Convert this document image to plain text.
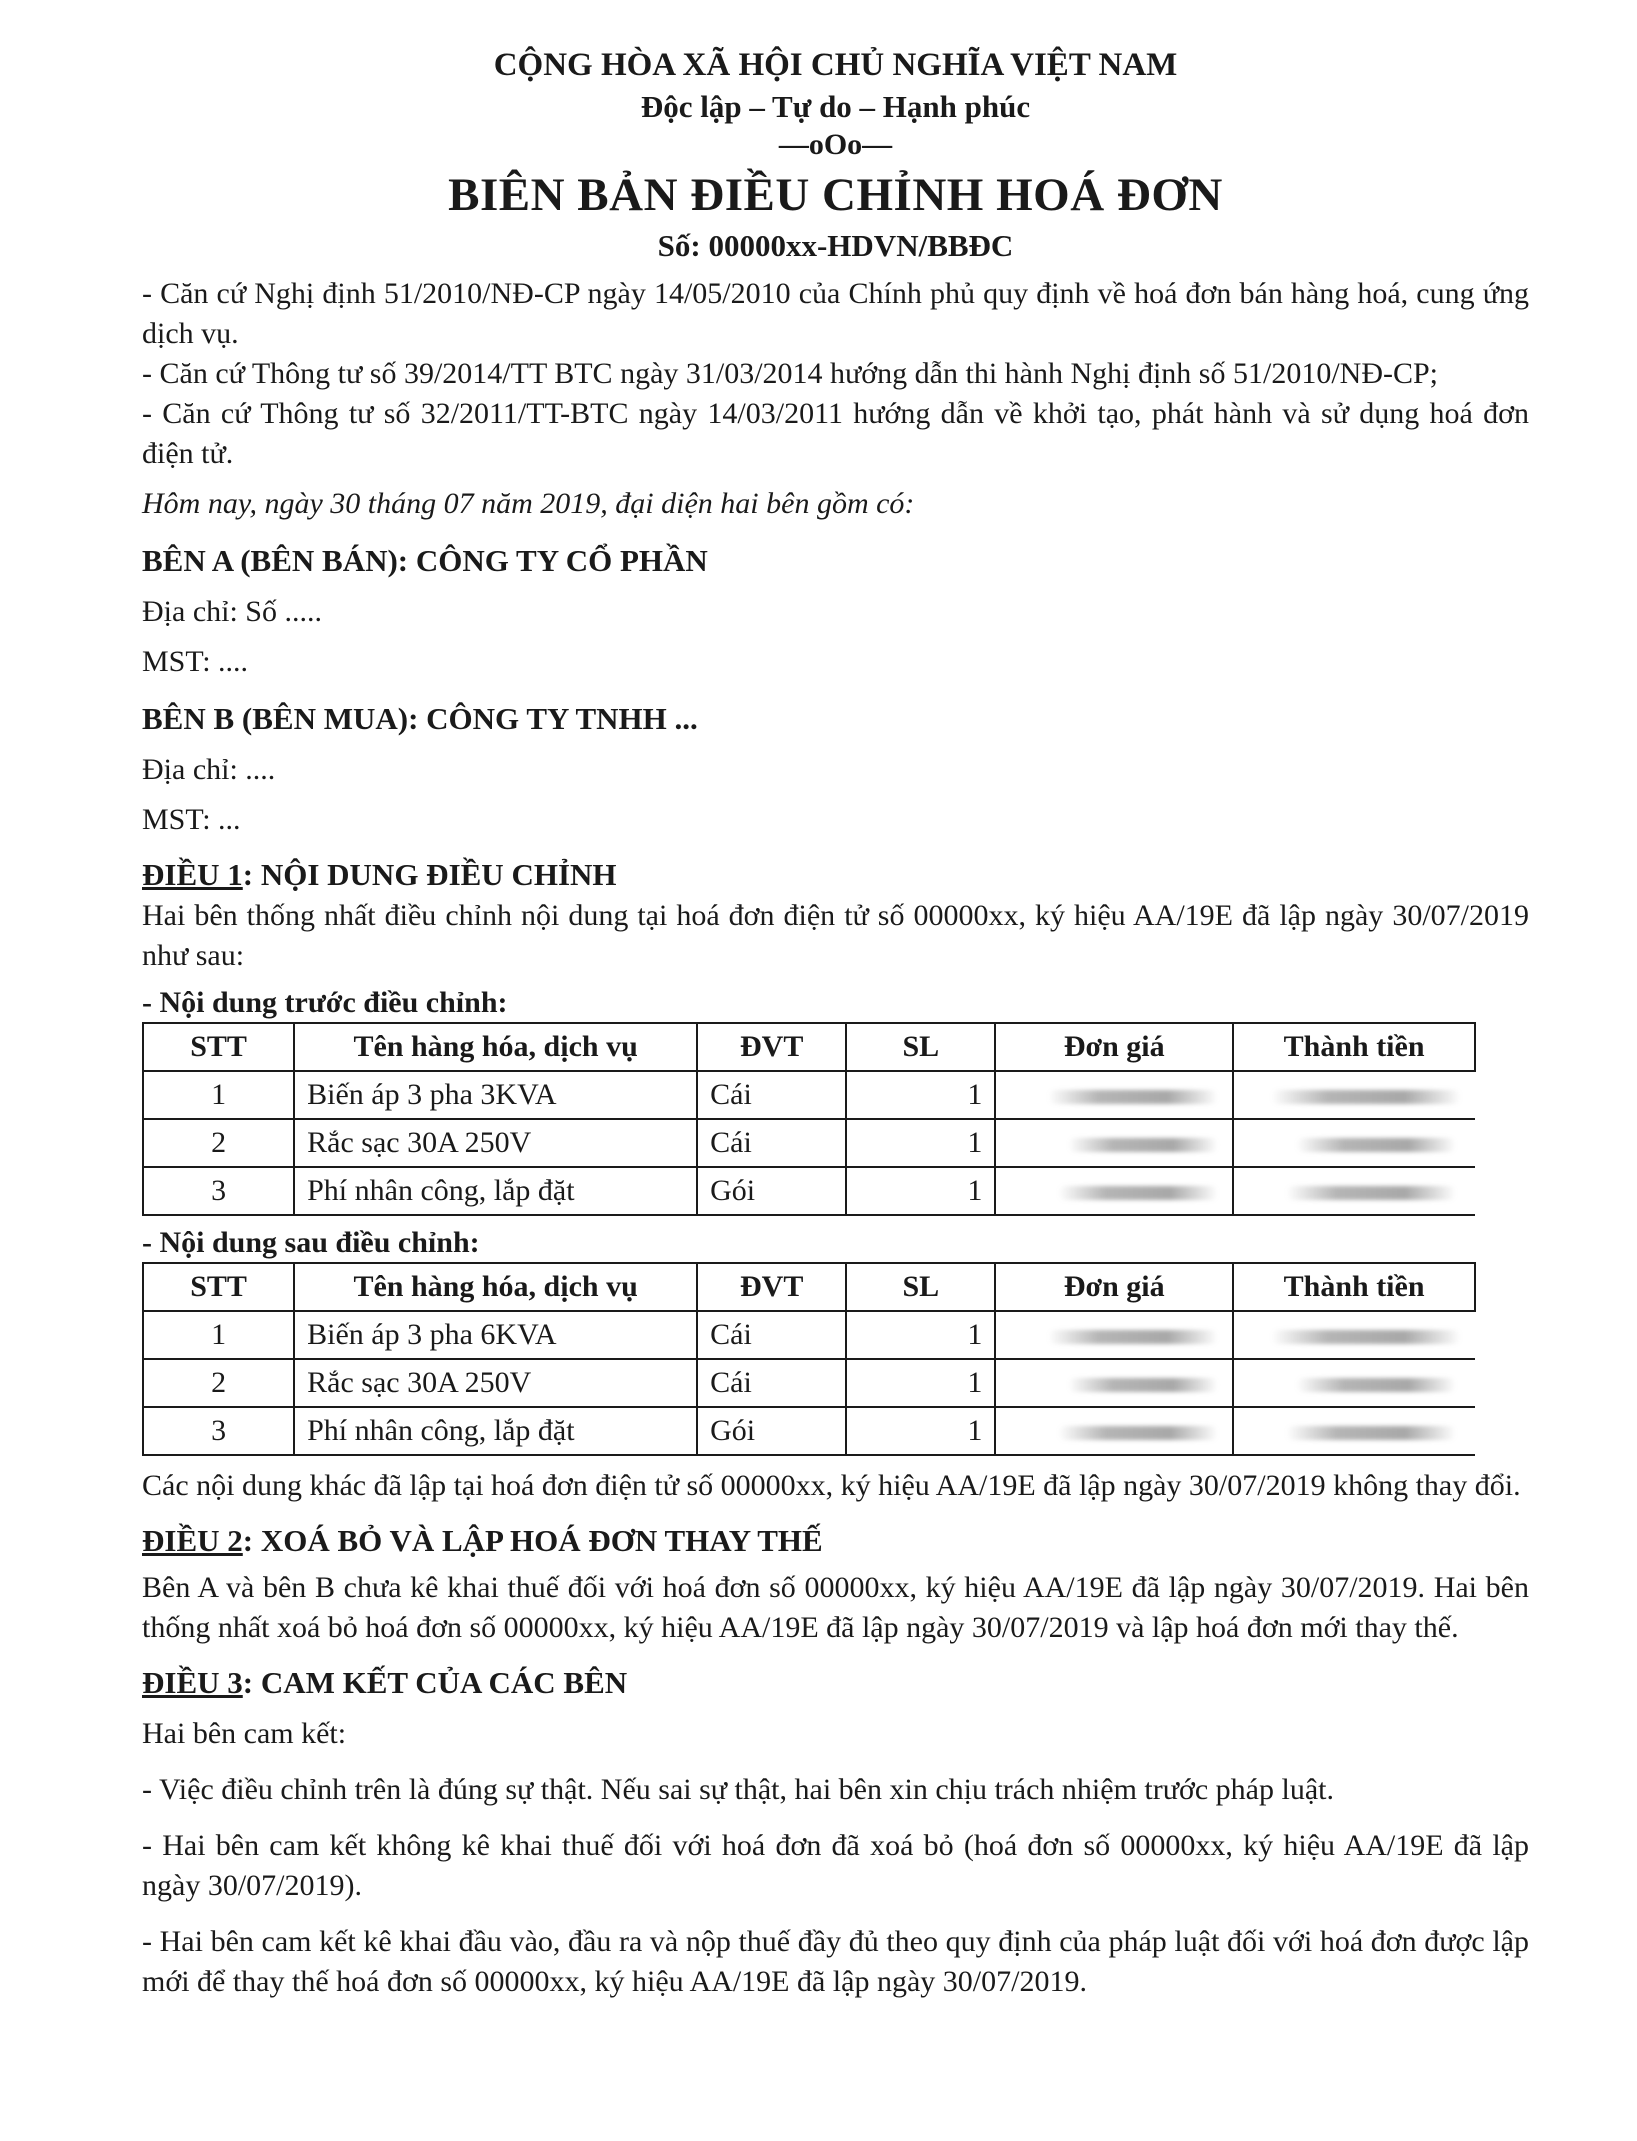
CỘNG HÒA XÃ HỘI CHỦ NGHĨA VIỆT NAM
Độc lập – Tự do – Hạnh phúc
—oOo—
BIÊN BẢN ĐIỀU CHỈNH HOÁ ĐƠN
Số: 00000xx-HDVN/BBĐC

- Căn cứ Nghị định 51/2010/NĐ-CP ngày 14/05/2010 của Chính phủ quy định về hoá đơn bán hàng hoá, cung ứng dịch vụ.

- Căn cứ Thông tư số 39/2014/TT BTC ngày 31/03/2014 hướng dẫn thi hành Nghị định số 51/2010/NĐ-CP;

- Căn cứ Thông tư số 32/2011/TT-BTC ngày 14/03/2011 hướng dẫn về khởi tạo, phát hành và sử dụng hoá đơn điện tử.

Hôm nay, ngày 30 tháng 07 năm 2019, đại diện hai bên gồm có:

BÊN A (BÊN BÁN): CÔNG TY CỔ PHẦN

Địa chỉ: Số .....

MST: ....

BÊN B (BÊN MUA): CÔNG TY TNHH ...

Địa chỉ: ....

MST: ...

ĐIỀU 1: NỘI DUNG ĐIỀU CHỈNH

Hai bên thống nhất điều chỉnh nội dung tại hoá đơn điện tử số 00000xx, ký hiệu AA/19E đã lập ngày 30/07/2019 như sau:

- Nội dung trước điều chỉnh:
STT	Tên hàng hóa, dịch vụ	ĐVT	SL	Đơn giá	Thành tiền
1	Biến áp 3 pha 3KVA	Cái	1		
2	Rắc sạc 30A 250V	Cái	1		
3	Phí nhân công, lắp đặt	Gói	1		
- Nội dung sau điều chỉnh:
STT	Tên hàng hóa, dịch vụ	ĐVT	SL	Đơn giá	Thành tiền
1	Biến áp 3 pha 6KVA	Cái	1		
2	Rắc sạc 30A 250V	Cái	1		
3	Phí nhân công, lắp đặt	Gói	1		

Các nội dung khác đã lập tại hoá đơn điện tử số 00000xx, ký hiệu AA/19E đã lập ngày 30/07/2019 không thay đổi.

ĐIỀU 2: XOÁ BỎ VÀ LẬP HOÁ ĐƠN THAY THẾ

Bên A và bên B chưa kê khai thuế đối với hoá đơn số 00000xx, ký hiệu AA/19E đã lập ngày 30/07/2019. Hai bên thống nhất xoá bỏ hoá đơn số 00000xx, ký hiệu AA/19E đã lập ngày 30/07/2019 và lập hoá đơn mới thay thế.

ĐIỀU 3: CAM KẾT CỦA CÁC BÊN

Hai bên cam kết:

- Việc điều chỉnh trên là đúng sự thật. Nếu sai sự thật, hai bên xin chịu trách nhiệm trước pháp luật.

- Hai bên cam kết không kê khai thuế đối với hoá đơn đã xoá bỏ (hoá đơn số 00000xx, ký hiệu AA/19E đã lập ngày 30/07/2019).

- Hai bên cam kết kê khai đầu vào, đầu ra và nộp thuế đầy đủ theo quy định của pháp luật đối với hoá đơn được lập mới để thay thế hoá đơn số 00000xx, ký hiệu AA/19E đã lập ngày 30/07/2019.
